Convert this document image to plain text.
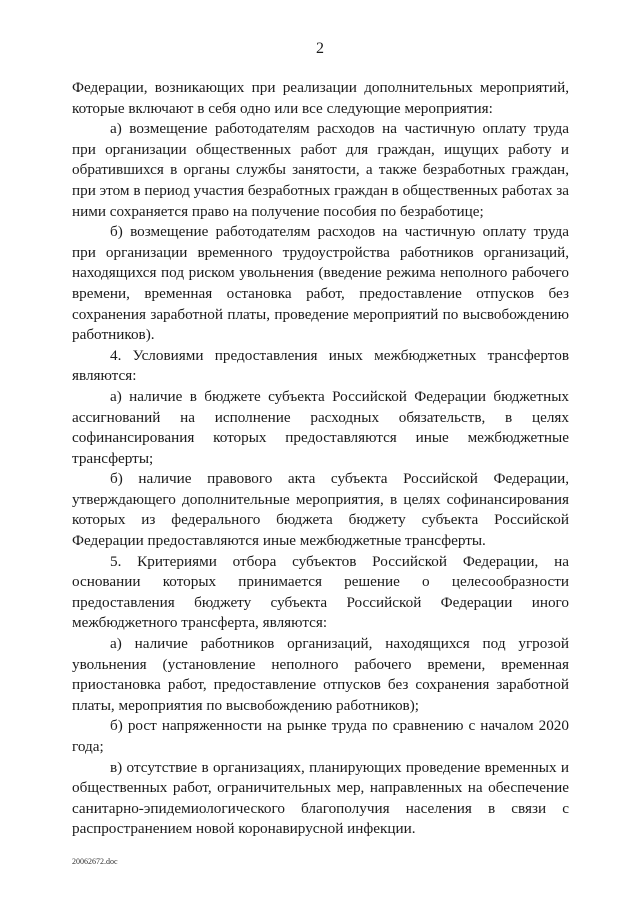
2

Федерации, возникающих при реализации дополнительных мероприятий, которые включают в себя одно или все следующие мероприятия:

а) возмещение работодателям расходов на частичную оплату труда при организации общественных работ для граждан, ищущих работу и обратившихся в органы службы занятости, а также безработных граждан, при этом в период участия безработных граждан в общественных работах за ними сохраняется право на получение пособия по безработице;

б) возмещение работодателям расходов на частичную оплату труда при организации временного трудоустройства работников организаций, находящихся под риском увольнения (введение режима неполного рабочего времени, временная остановка работ, предоставление отпусков без сохранения заработной платы, проведение мероприятий по высвобождению работников).

4. Условиями предоставления иных межбюджетных трансфертов являются:

а) наличие в бюджете субъекта Российской Федерации бюджетных ассигнований на исполнение расходных обязательств, в целях софинансирования которых предоставляются иные межбюджетные трансферты;

б) наличие правового акта субъекта Российской Федерации, утверждающего дополнительные мероприятия, в целях софинансирования которых из федерального бюджета бюджету субъекта Российской Федерации предоставляются иные межбюджетные трансферты.

5. Критериями отбора субъектов Российской Федерации, на основании которых принимается решение о целесообразности предоставления бюджету субъекта Российской Федерации иного межбюджетного трансферта, являются:

а) наличие работников организаций, находящихся под угрозой увольнения (установление неполного рабочего времени, временная приостановка работ, предоставление отпусков без сохранения заработной платы, мероприятия по высвобождению работников);

б) рост напряженности на рынке труда по сравнению с началом 2020 года;

в) отсутствие в организациях, планирующих проведение временных и общественных работ, ограничительных мер, направленных на обеспечение санитарно-эпидемиологического благополучия населения в связи с распространением новой коронавирусной инфекции.

20062672.doc
